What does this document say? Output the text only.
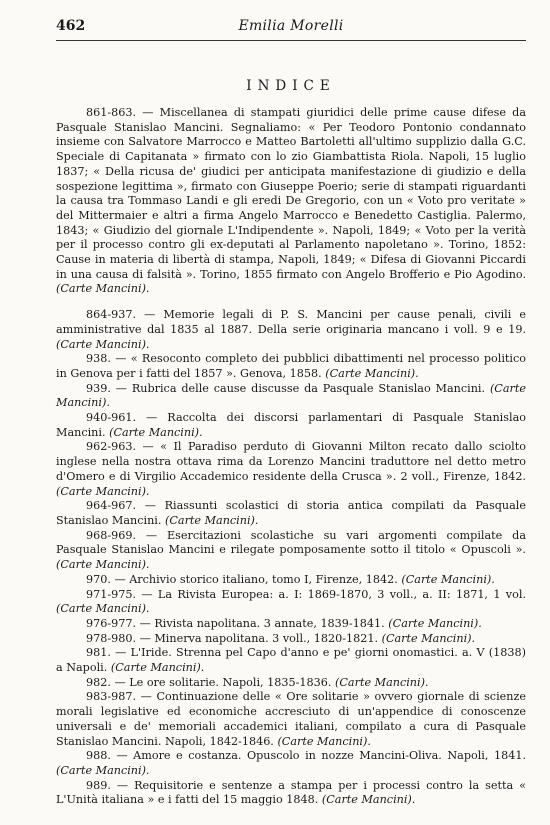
462	Emilia Morelli
INDICE

861-863. — Miscellanea di stampati giuridici delle prime cause difese da Pasquale Stanislao Mancini. Segnaliamo: « Per Teodoro Pontonio condannato insieme con Salvatore Marrocco e Matteo Bartoletti all'ultimo supplizio dalla G.C. Speciale di Capitanata » firmato con lo zio Giambattista Riola. Napoli, 15 luglio 1837; « Della ricusa de' giudici per anticipata manifestazione di giudizio e della sospezione legittima », firmato con Giuseppe Poerio; serie di stampati riguardanti la causa tra Tommaso Landi e gli eredi De Gregorio, con un « Voto pro veritate » del Mittermaier e altri a firma Angelo Marrocco e Benedetto Castiglia. Palermo, 1843; « Giudizio del giornale L'Indipendente ». Napoli, 1849; « Voto per la verità per il processo contro gli ex-deputati al Parlamento napoletano ». Torino, 1852: Cause in materia di libertà di stampa, Napoli, 1849; « Difesa di Giovanni Piccardi in una causa di falsità ». Torino, 1855 firmato con Angelo Brofferio e Pio Agodino. (Carte Mancini).

864-937. — Memorie legali di P. S. Mancini per cause penali, civili e amministrative dal 1835 al 1887. Della serie originaria mancano i voll. 9 e 19. (Carte Mancini).

938. — « Resoconto completo dei pubblici dibattimenti nel processo politico in Genova per i fatti del 1857 ». Genova, 1858. (Carte Mancini).

939. — Rubrica delle cause discusse da Pasquale Stanislao Mancini. (Carte Mancini).

940-961. — Raccolta dei discorsi parlamentari di Pasquale Stanislao Mancini. (Carte Mancini).

962-963. — « Il Paradiso perduto di Giovanni Milton recato dallo sciolto inglese nella nostra ottava rima da Lorenzo Mancini traduttore nel detto metro d'Omero e di Virgilio Accademico residente della Crusca ». 2 voll., Firenze, 1842. (Carte Mancini).

964-967. — Riassunti scolastici di storia antica compilati da Pasquale Stanislao Mancini. (Carte Mancini).

968-969. — Esercitazioni scolastiche su vari argomenti compilate da Pasquale Stanislao Mancini e rilegate pomposamente sotto il titolo « Opuscoli ». (Carte Mancini).

970. — Archivio storico italiano, tomo I, Firenze, 1842. (Carte Mancini).

971-975. — La Rivista Europea: a. I: 1869-1870, 3 voll., a. II: 1871, 1 vol. (Carte Mancini).

976-977. — Rivista napolitana. 3 annate, 1839-1841. (Carte Mancini).

978-980. — Minerva napolitana. 3 voll., 1820-1821. (Carte Mancini).

981. — L'Iride. Strenna pel Capo d'anno e pe' giorni onomastici. a. V (1838) a Napoli. (Carte Mancini).

982. — Le ore solitarie. Napoli, 1835-1836. (Carte Mancini).

983-987. — Continuazione delle « Ore solitarie » ovvero giornale di scienze morali legislative ed economiche accresciuto di un'appendice di conoscenze universali e de' memoriali accademici italiani, compilato a cura di Pasquale Stanislao Mancini. Napoli, 1842-1846. (Carte Mancini).

988. — Amore e costanza. Opuscolo in nozze Mancini-Oliva. Napoli, 1841. (Carte Mancini).

989. — Requisitorie e sentenze a stampa per i processi contro la setta « L'Unità italiana » e i fatti del 15 maggio 1848. (Carte Mancini).
